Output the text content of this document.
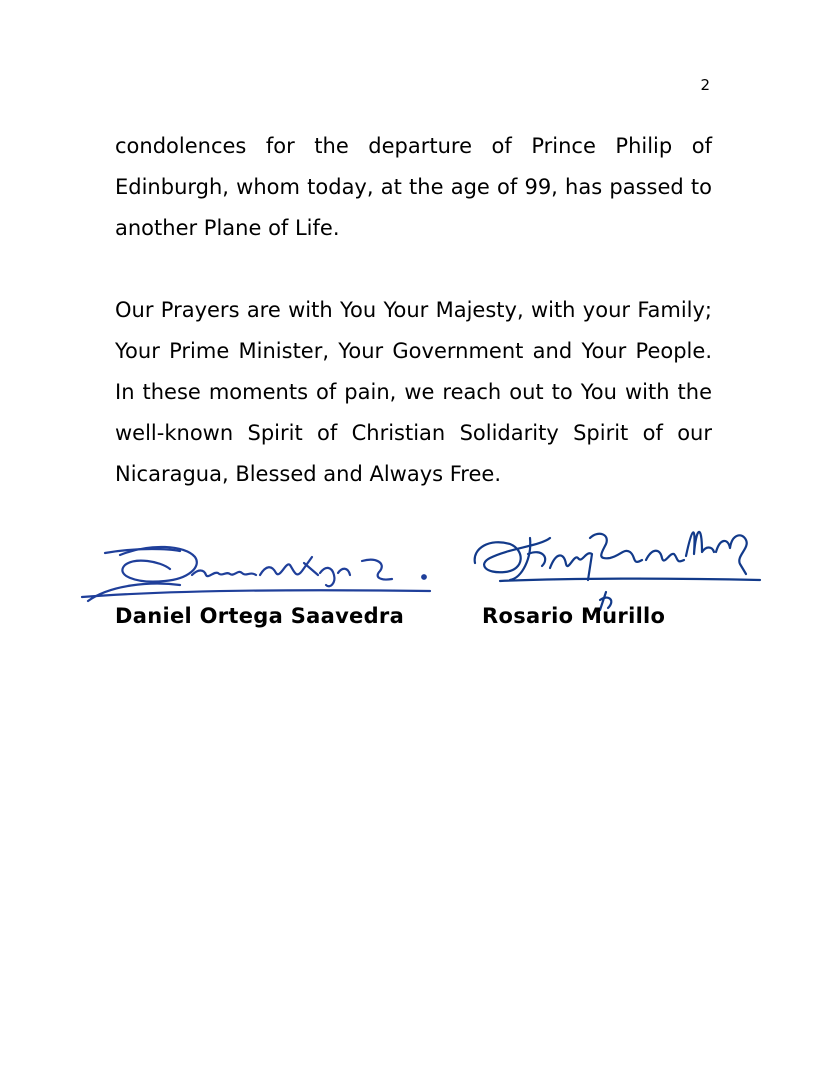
2

condolences for the departure of Prince Philip of Edinburgh, whom today, at the age of 99, has passed to another Plane of Life.

Our Prayers are with You Your Majesty, with your Family; Your Prime Minister, Your Government and Your People. In these moments of pain, we reach out to You with the well-known Spirit of Christian Solidarity Spirit of our Nicaragua, Blessed and Always Free.

Daniel Ortega Saavedra	Rosario Murillo
